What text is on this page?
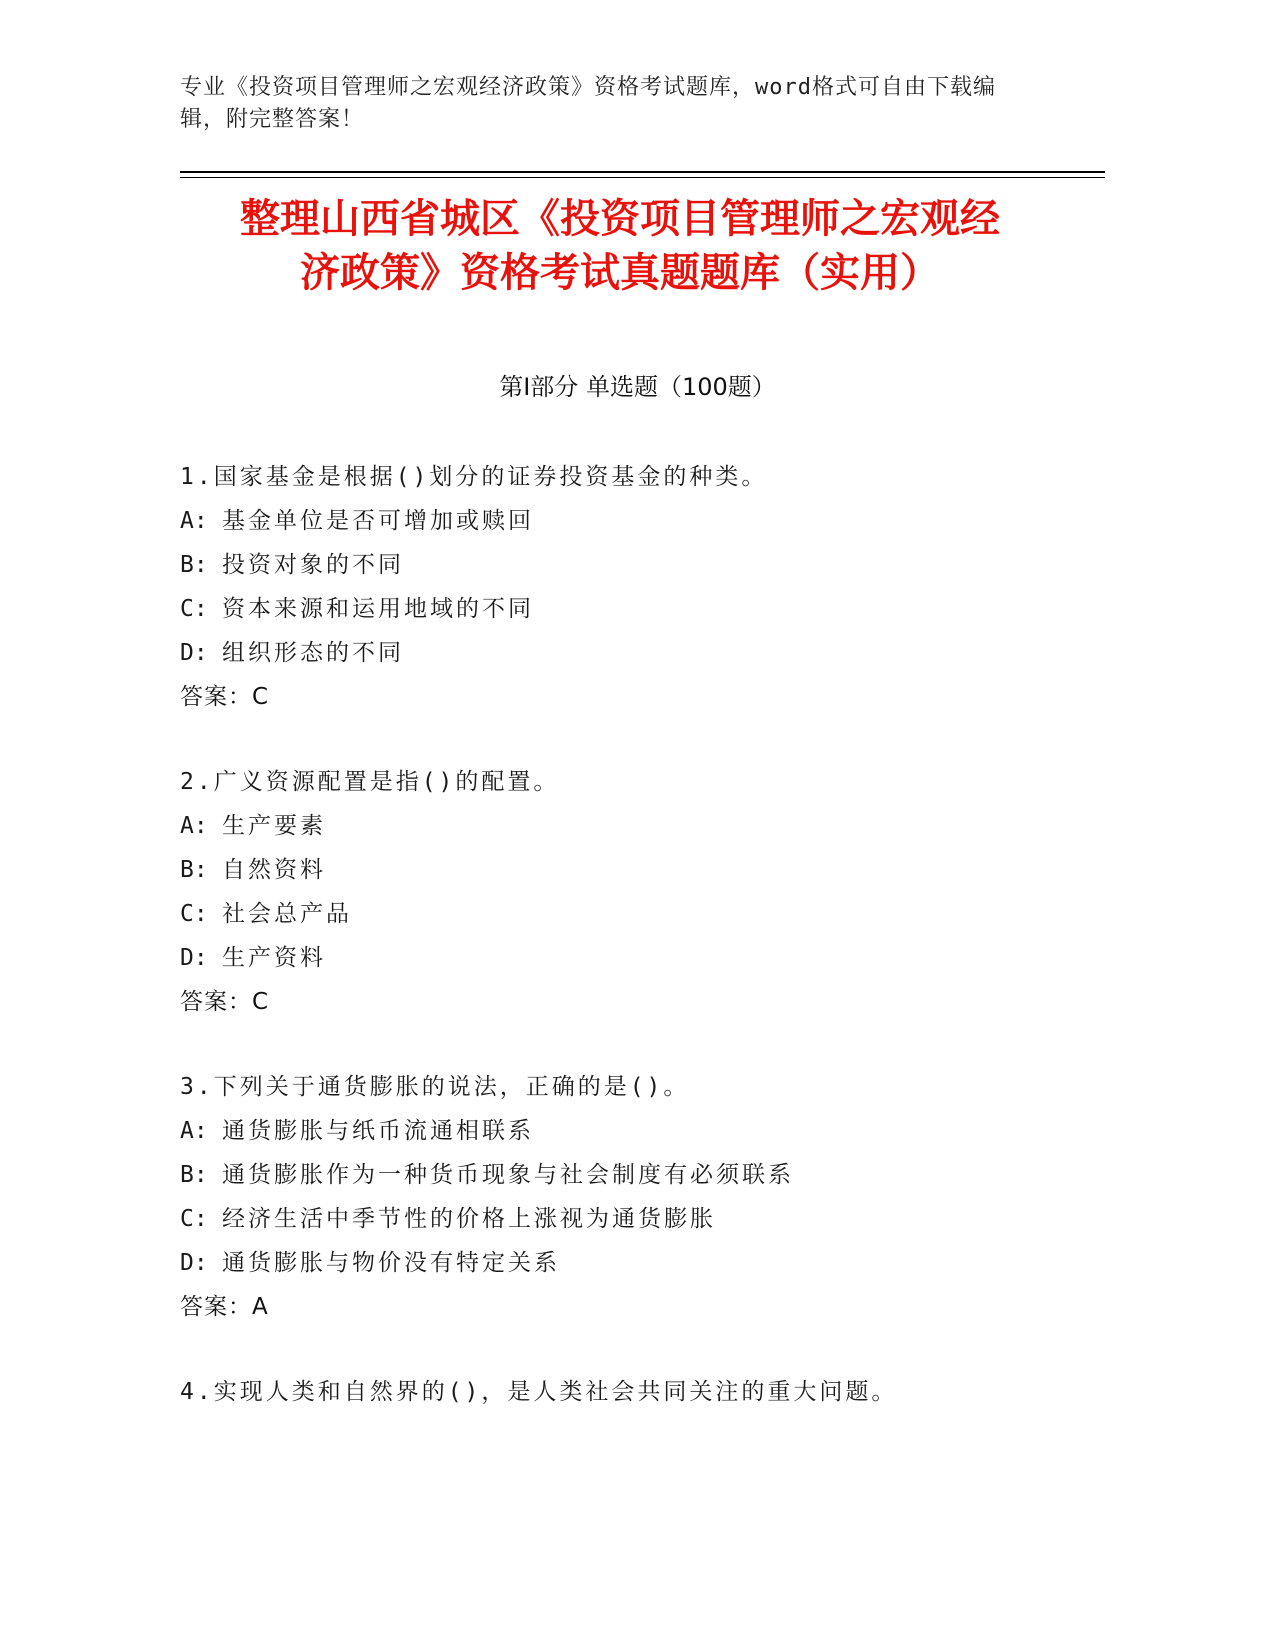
专业《投资项目管理师之宏观经济政策》资格考试题库，word格式可自由下载编辑，附完整答案！
整理山西省城区《投资项目管理师之宏观经
济政策》资格考试真题题库（实用）
第Ⅰ部分 单选题（100题）
1.国家基金是根据()划分的证券投资基金的种类。
A: 基金单位是否可增加或赎回
B: 投资对象的不同
C: 资本来源和运用地域的不同
D: 组织形态的不同
答案：C
2.广义资源配置是指()的配置。
A: 生产要素
B: 自然资料
C: 社会总产品
D: 生产资料
答案：C
3.下列关于通货膨胀的说法，正确的是()。
A: 通货膨胀与纸币流通相联系
B: 通货膨胀作为一种货币现象与社会制度有必须联系
C: 经济生活中季节性的价格上涨视为通货膨胀
D: 通货膨胀与物价没有特定关系
答案：A
4.实现人类和自然界的()，是人类社会共同关注的重大问题。
